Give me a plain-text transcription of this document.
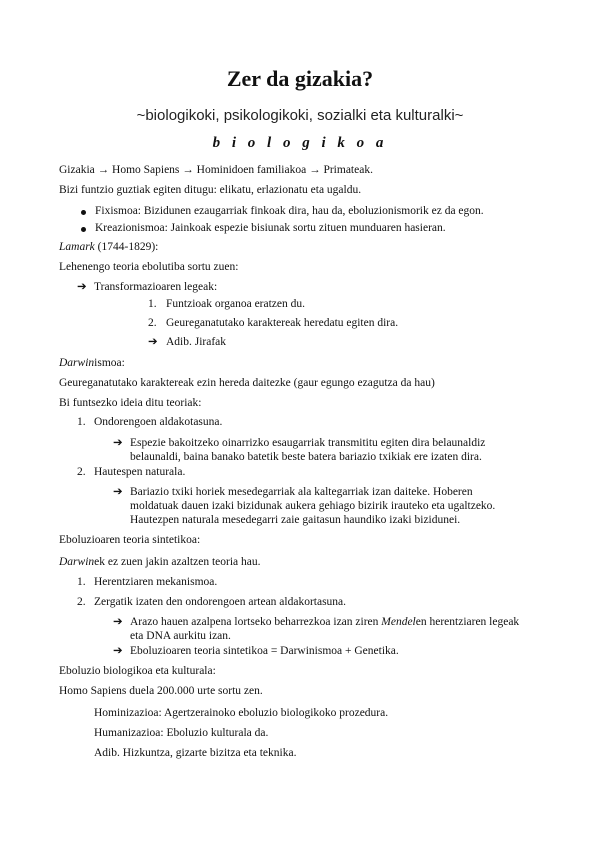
Zer da gizakia?
~biologikoki, psikologikoki, sozialki eta kulturalki~
b i o l o g i k o a
Gizakia → Homo Sapiens → Hominidoen familiakoa → Primateak.
Bizi funtzio guztiak egiten ditugu: elikatu, erlazionatu eta ugaldu.
Fixismoa: Bizidunen ezaugarriak finkoak dira, hau da, eboluzionismorik ez da egon.
Kreazionismoa: Jainkoak espezie bisiunak sortu zituen munduaren hasieran.
Lamark (1744-1829):
Lehenengo teoria ebolutiba sortu zuen:
➔ Transformazioaren legeak:
1. Funtzioak organoa eratzen du.
2. Geureganatutako karaktereak heredatu egiten dira.
➔ Adib. Jirafak
Darwinismoa:
Geureganatutako karaktereak ezin hereda daitezke (gaur egungo ezagutza da hau)
Bi funtsezko ideia ditu teoriak:
1. Ondorengoen aldakotasuna.
➔ Espezie bakoitzeko oinarrizko esaugarriak transmititu egiten dira belaunaldiz
belaunaldi, baina banako batetik beste batera bariazio txikiak ere izaten dira.
2. Hautespen naturala.
➔ Bariazio txiki horiek mesedegarriak ala kaltegarriak izan daiteke. Hoberen
moldatuak dauen izaki bizidunak aukera gehiago bizirik irauteko eta ugaltzeko.
Hautezpen naturala mesedegarri zaie gaitasun haundiko izaki bizidunei.
Eboluzioaren teoria sintetikoa:
Darwinek ez zuen jakin azaltzen teoria hau.
1. Herentziaren mekanismoa.
2. Zergatik izaten den ondorengoen artean aldakortasuna.
➔ Arazo hauen azalpena lortseko beharrezkoa izan ziren Mendelen herentziaren legeak
eta DNA aurkitu izan.
➔ Eboluzioaren teoria sintetikoa = Darwinismoa + Genetika.
Eboluzio biologikoa eta kulturala:
Homo Sapiens duela 200.000 urte sortu zen.
Hominizazioa: Agertzerainoko eboluzio biologikoko prozedura.
Humanizazioa: Eboluzio kulturala da.
Adib. Hizkuntza, gizarte bizitza eta teknika.
